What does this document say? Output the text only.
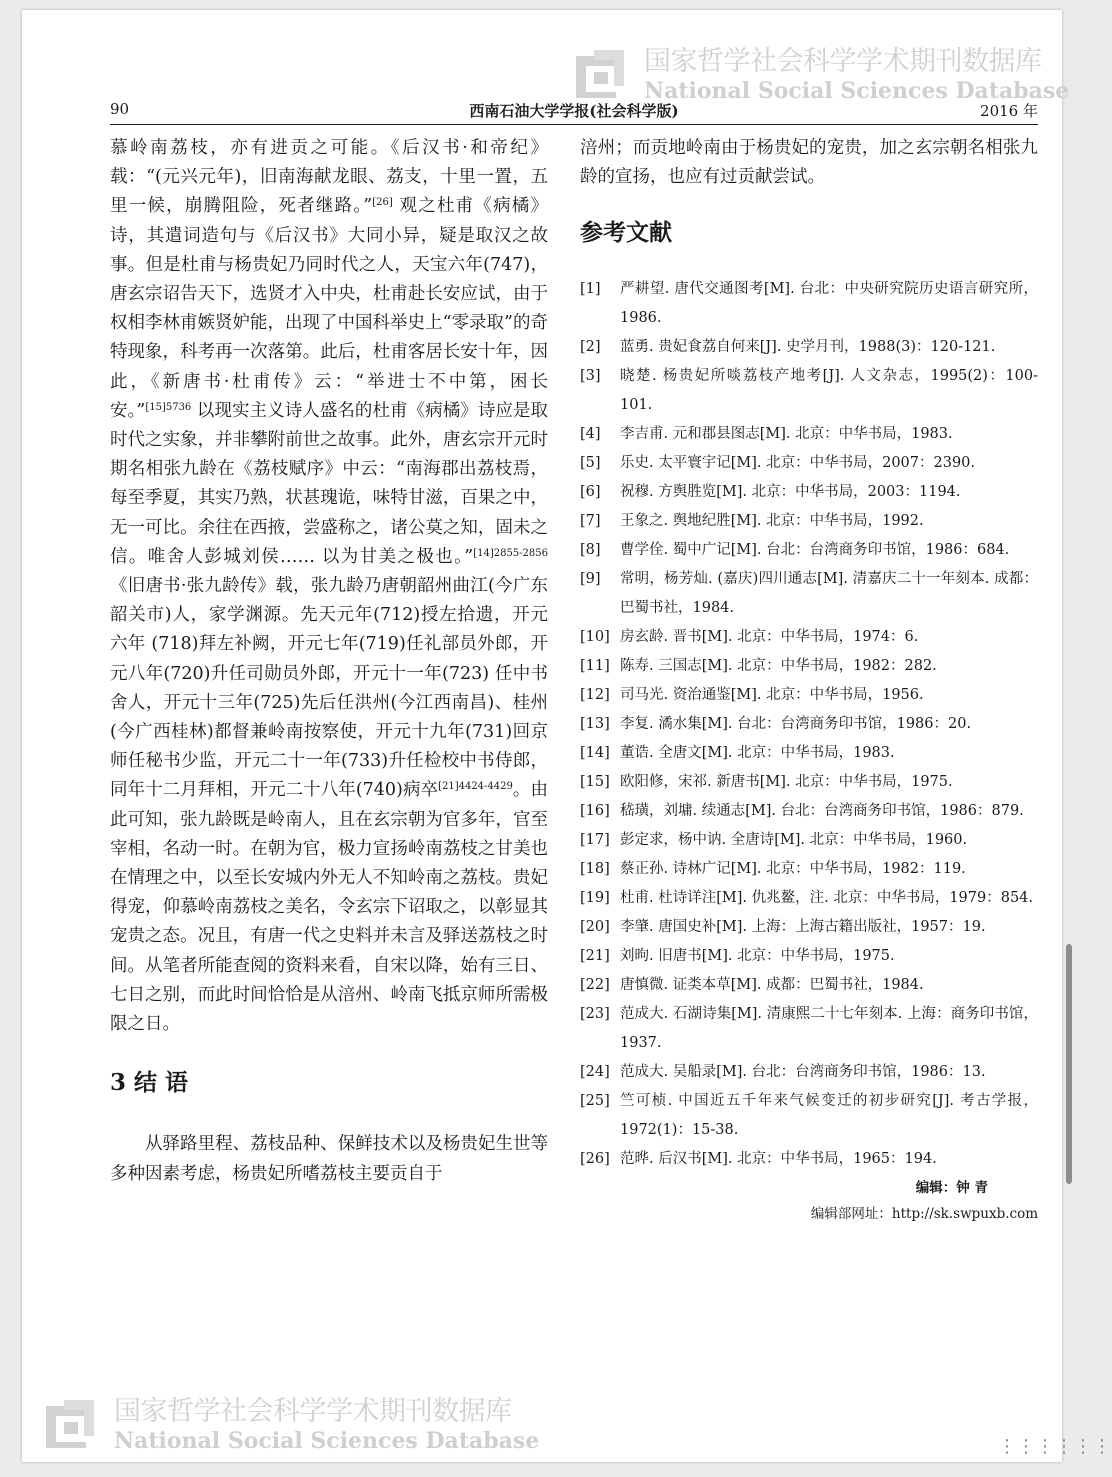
国家哲学社会科学学术期刊数据库
National Social Sciences Database
90	西南石油大学学报(社会科学版)	2016 年

慕岭南荔枝，亦有进贡之可能。《后汉书·和帝纪》载：“(元兴元年)，旧南海献龙眼、荔支，十里一置，五里一候，崩腾阻险，死者继路。”[26] 观之杜甫《病橘》诗，其遣词造句与《后汉书》大同小异，疑是取汉之故事。但是杜甫与杨贵妃乃同时代之人，天宝六年(747)，唐玄宗诏告天下，选贤才入中央，杜甫赴长安应试，由于权相李林甫嫉贤妒能，出现了中国科举史上“零录取”的奇特现象，科考再一次落第。此后，杜甫客居长安十年，因此，《新唐书·杜甫传》云：“举进士不中第，困长安。”$^{[15]5736}$ 以现实主义诗人盛名的杜甫《病橘》诗应是取时代之实象，并非攀附前世之故事。此外，唐玄宗开元时期名相张九龄在《荔枝赋序》中云：“南海郡出荔枝焉，每至季夏，其实乃熟，状甚瑰诡，味特甘滋，百果之中，无一可比。余往在西掖，尝盛称之，诸公莫之知，固未之信。唯舍人彭城刘侯…… 以为甘美之极也。”$^{[14]2855-2856}$《旧唐书·张九龄传》载，张九龄乃唐朝韶州曲江(今广东韶关市)人，家学渊源。先天元年(712)授左拾遗，开元六年 (718)拜左补阙，开元七年(719)任礼部员外郎，开元八年(720)升任司勋员外郎，开元十一年(723) 任中书舍人，开元十三年(725)先后任洪州(今江西南昌)、桂州(今广西桂林)都督兼岭南按察使，开元十九年(731)回京师任秘书少监，开元二十一年(733)升任检校中书侍郎，同年十二月拜相，开元二十八年(740)病卒$^{[21]4424-4429}$。由此可知，张九龄既是岭南人，且在玄宗朝为官多年，官至宰相，名动一时。在朝为官，极力宣扬岭南荔枝之甘美也在情理之中，以至长安城内外无人不知岭南之荔枝。贵妃得宠，仰慕岭南荔枝之美名，令玄宗下诏取之，以彰显其宠贵之态。况且，有唐一代之史料并未言及驿送荔枝之时间。从笔者所能查阅的资料来看，自宋以降，始有三日、七日之别，而此时间恰恰是从涪州、岭南飞抵京师所需极限之日。

3 结 语

从驿路里程、荔枝品种、保鲜技术以及杨贵妃生世等多种因素考虑，杨贵妃所嗜荔枝主要贡自于

涪州；而贡地岭南由于杨贵妃的宠贵，加之玄宗朝名相张九龄的宣扬，也应有过贡献尝试。

参考文献
[1]	严耕望. 唐代交通图考[M]. 台北：中央研究院历史语言研究所，1986.
[2]	蓝勇. 贵妃食荔自何来[J]. 史学月刊，1988(3)：120-121.
[3]	晓楚. 杨贵妃所啖荔枝产地考[J]. 人文杂志，1995(2)：100-101.
[4]	李吉甫. 元和郡县图志[M]. 北京：中华书局，1983.
[5]	乐史. 太平寰宇记[M]. 北京：中华书局，2007：2390.
[6]	祝穆. 方舆胜览[M]. 北京：中华书局，2003：1194.
[7]	王象之. 舆地纪胜[M]. 北京：中华书局，1992.
[8]	曹学佺. 蜀中广记[M]. 台北：台湾商务印书馆，1986：684.
[9]	常明，杨芳灿. (嘉庆)四川通志[M]. 清嘉庆二十一年刻本. 成都：巴蜀书社，1984.
[10] 房玄龄. 晋书[M]. 北京：中华书局，1974：6.
[11] 陈寿. 三国志[M]. 北京：中华书局，1982：282.
[12] 司马光. 资治通鉴[M]. 北京：中华书局，1956.
[13] 李复. 潏水集[M]. 台北：台湾商务印书馆，1986：20.
[14] 董诰. 全唐文[M]. 北京：中华书局，1983.
[15] 欧阳修，宋祁. 新唐书[M]. 北京：中华书局，1975.
[16] 嵇璜，刘墉. 续通志[M]. 台北：台湾商务印书馆，1986：879.
[17] 彭定求，杨中讷. 全唐诗[M]. 北京：中华书局，1960.
[18] 蔡正孙. 诗林广记[M]. 北京：中华书局，1982：119.
[19] 杜甫. 杜诗详注[M]. 仇兆鳌，注. 北京：中华书局，1979：854.
[20] 李肇. 唐国史补[M]. 上海：上海古籍出版社，1957：19.
[21] 刘昫. 旧唐书[M]. 北京：中华书局，1975.
[22] 唐慎微. 证类本草[M]. 成都：巴蜀书社，1984.
[23] 范成大. 石湖诗集[M]. 清康熙二十七年刻本. 上海：商务印书馆，1937.
[24] 范成大. 吴船录[M]. 台北：台湾商务印书馆，1986：13.
[25] 竺可桢. 中国近五千年来气候变迁的初步研究[J]. 考古学报，1972(1)：15-38.
[26] 范晔. 后汉书[M]. 北京：中华书局，1965：194.
编辑：钟 青
编辑部网址：http://sk.swpuxb.com
国家哲学社会科学学术期刊数据库
National Social Sciences Database	⋮⋮⋮⋮⋮⋮
